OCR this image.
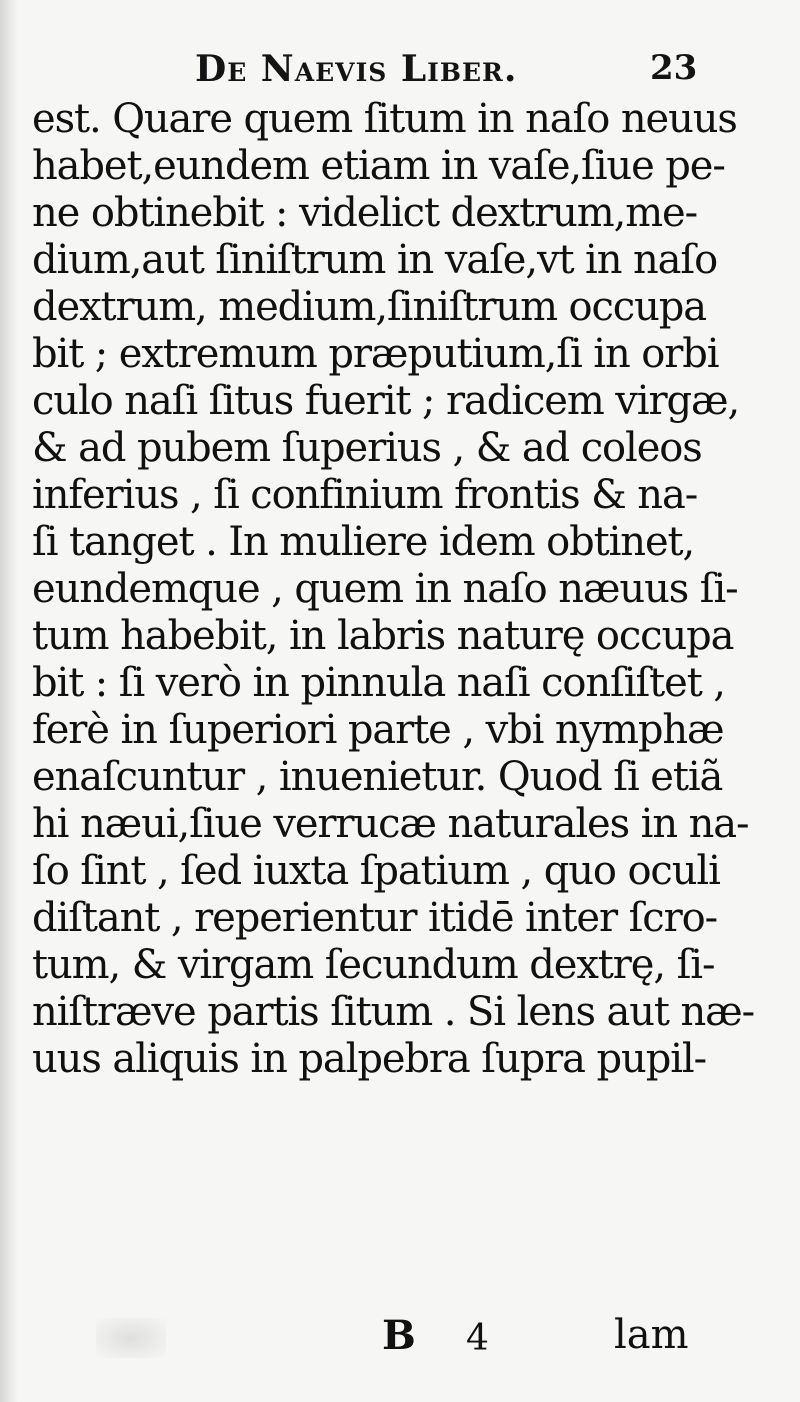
De Naevis Liber.	23
est. Quare quem ſitum in naſo neuus
habet,eundem etiam in vaſe,ſiue pe-
ne obtinebit : videlict dextrum,me-
dium,aut ſiniſtrum in vaſe,vt in naſo
dextrum, medium,ſiniſtrum occupa
bit ; extremum præputium,ſi in orbi
culo naſi ſitus fuerit ; radicem virgæ,
& ad pubem ſuperius , & ad coleos
inferius , ſi confinium frontis & na-
ſi tanget . In muliere idem obtinet,
eundemque , quem in naſo næuus ſi-
tum habebit, in labris naturę occupa
bit : ſi verò in pinnula naſi conſiſtet ,
ferè in ſuperiori parte , vbi nymphæ
enaſcuntur , inuenietur. Quod ſi etiã
hi næui,ſiue verrucæ naturales in na-
ſo ſint , ſed iuxta ſpatium , quo oculi
diſtant , reperientur itidē inter ſcro-
tum, & virgam ſecundum dextrę, ſi-
niſtræve partis ſitum . Si lens aut næ-
uus aliquis in palpebra ſupra pupil-
B 4	lam
